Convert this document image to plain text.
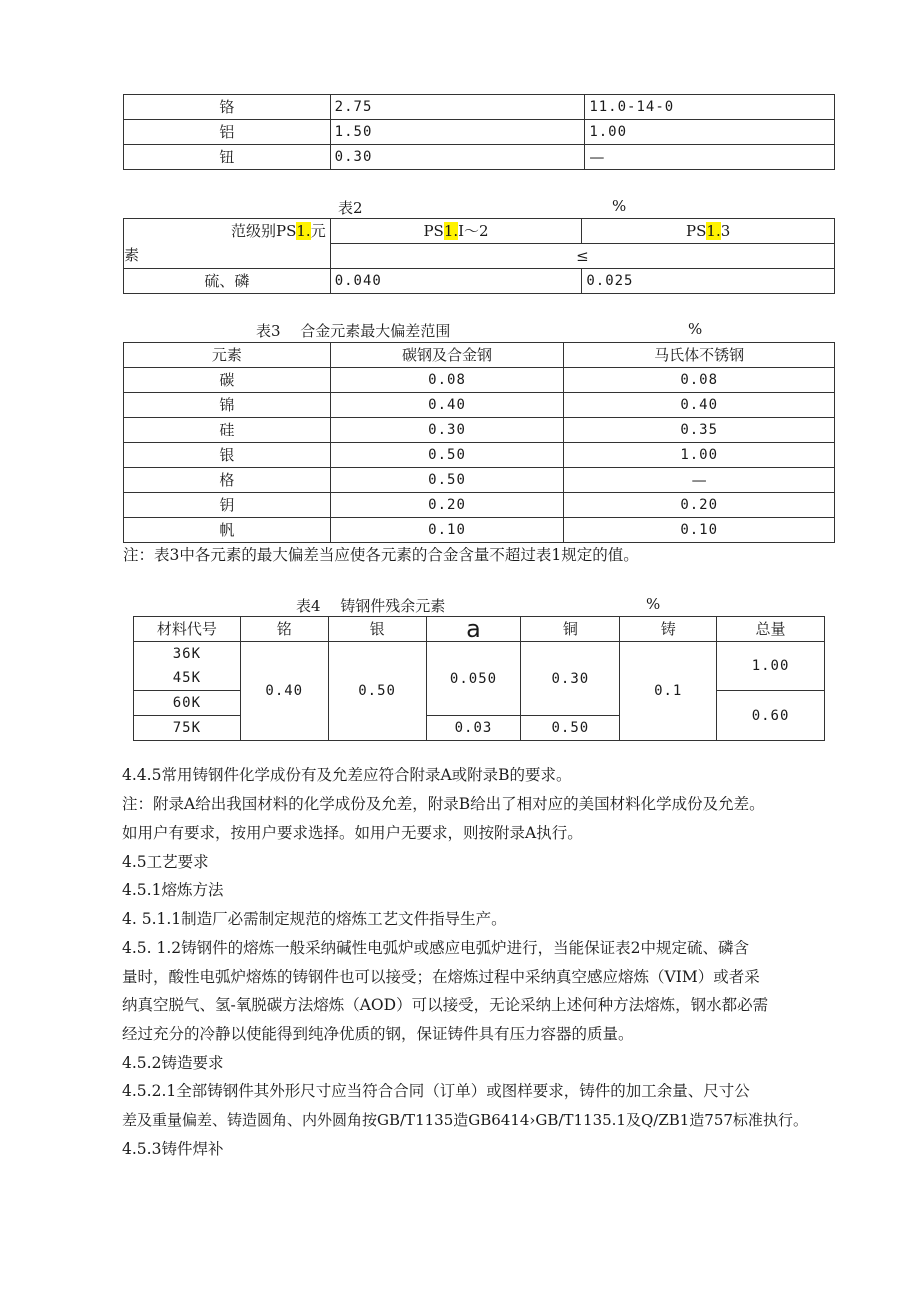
铬	2.75	11.0-14-0
铝	1.50	1.00
钮	0.30	—
表2	%
范级别PS1.元
素	PS1.I～2	PS1.3
	≤	
硫、磷	0.040	0.025
表3　 合金元素最大偏差范围	%
元素	碳钢及合金钢	马氏体不锈钢
碳	0.08	0.08
锦	0.40	0.40
硅	0.30	0.35
银	0.50	1.00
格	0.50	—
钥	0.20	0.20
帆	0.10	0.10
注：表3中各元素的最大偏差当应使各元素的合金含量不超过表1规定的值。
表4　 铸钢件残余元素	%
材料代号	铭	银	a	铜	铸	总量
36K	0.40	0.50	0.050	0.30	0.1	1.00
45K						
60K						0.60
75K			0.03	0.50		
4.4.5常用铸钢件化学成份有及允差应符合附录A或附录B的要求。
注：附录A给出我国材料的化学成份及允差，附录B给出了相对应的美国材料化学成份及允差。
如用户有要求，按用户要求选择。如用户无要求，则按附录A执行。
4.5工艺要求
4.5.1熔炼方法
4. 5.1.1制造厂必需制定规范的熔炼工艺文件指导生产。
4.5. 1.2铸钢件的熔炼一般采纳碱性电弧炉或感应电弧炉进行，当能保证表2中规定硫、磷含
量时，酸性电弧炉熔炼的铸钢件也可以接受；在熔炼过程中采纳真空感应熔炼（VIM）或者采
纳真空脱气、氢-氧脱碳方法熔炼（AOD）可以接受，无论采纳上述何种方法熔炼，钢水都必需
经过充分的冷静以使能得到纯净优质的钢，保证铸件具有压力容器的质量。
4.5.2铸造要求
4.5.2.1全部铸钢件其外形尺寸应当符合合同（订单）或图样要求，铸件的加工余量、尺寸公
差及重量偏差、铸造圆角、内外圆角按GB/T1135造GB6414›GB/T1135.1及Q/ZB1造757标准执行。
4.5.3铸件焊补
